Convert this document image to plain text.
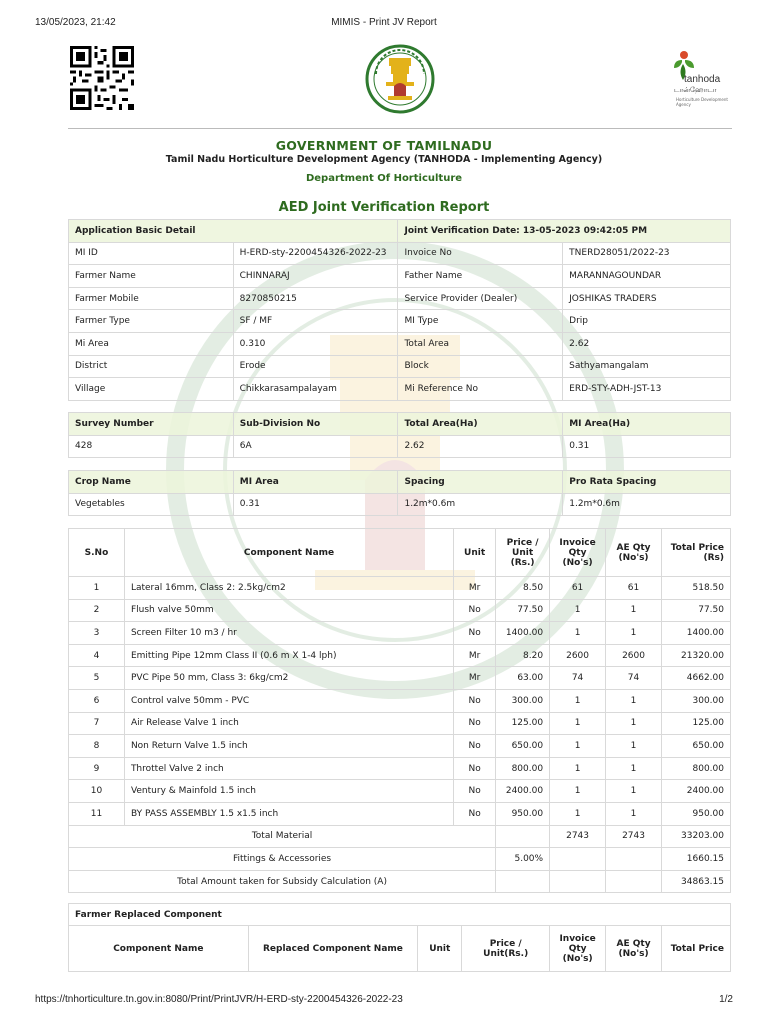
13/05/2023, 21:42	MIMIS - Print JV Report
tanhoda
டான்ஹோடா
Horticulture Development Agency
GOVERNMENT OF TAMILNADU
Tamil Nadu Horticulture Development Agency (TANHODA - Implementing Agency)
Department Of Horticulture
AED Joint Verification Report
Application Basic Detail		Joint Verification Date: 13-05-2023 09:42:05 PM	
MI ID	H-ERD-sty-2200454326-2022-23	Invoice No	TNERD28051/2022-23
Farmer Name	CHINNARAJ	Father Name	MARANNAGOUNDAR
Farmer Mobile	8270850215	Service Provider (Dealer)	JOSHIKAS TRADERS
Farmer Type	SF / MF	MI Type	Drip
Mi Area	0.310	Total Area	2.62
District	Erode	Block	Sathyamangalam
Village	Chikkarasampalayam	Mi Reference No	ERD-STY-ADH-JST-13
Survey Number	Sub-Division No	Total Area(Ha)	MI Area(Ha)
428	6A	2.62	0.31
Crop Name	MI Area	Spacing	Pro Rata Spacing
Vegetables	0.31	1.2m*0.6m	1.2m*0.6m
S.No	Component Name	Unit	Price / Unit (Rs.)	Invoice Qty (No's)	AE Qty (No's)	Total Price (Rs)
1	Lateral 16mm, Class 2: 2.5kg/cm2	Mr	8.50	61	61	518.50
2	Flush valve 50mm	No	77.50	1	1	77.50
3	Screen Filter 10 m3 / hr	No	1400.00	1	1	1400.00
4	Emitting Pipe 12mm Class II (0.6 m X 1-4 lph)	Mr	8.20	2600	2600	21320.00
5	PVC Pipe 50 mm, Class 3: 6kg/cm2	Mr	63.00	74	74	4662.00
6	Control valve 50mm - PVC	No	300.00	1	1	300.00
7	Air Release Valve 1 inch	No	125.00	1	1	125.00
8	Non Return Valve 1.5 inch	No	650.00	1	1	650.00
9	Throttel Valve 2 inch	No	800.00	1	1	800.00
10	Ventury & Mainfold 1.5 inch	No	2400.00	1	1	2400.00
11	BY PASS ASSEMBLY 1.5 x1.5 inch	No	950.00	1	1	950.00
Total Material				2743	2743	33203.00
Fittings & Accessories			5.00%			1660.15
Total Amount taken for Subsidy Calculation (A)						34863.15
Farmer Replaced Component
Component Name	Replaced Component Name	Unit	Price / Unit(Rs.)	Invoice Qty (No's)	AE Qty (No's)	Total Price
https://tnhorticulture.tn.gov.in:8080/Print/PrintJVR/H-ERD-sty-2200454326-2022-23	1/2
